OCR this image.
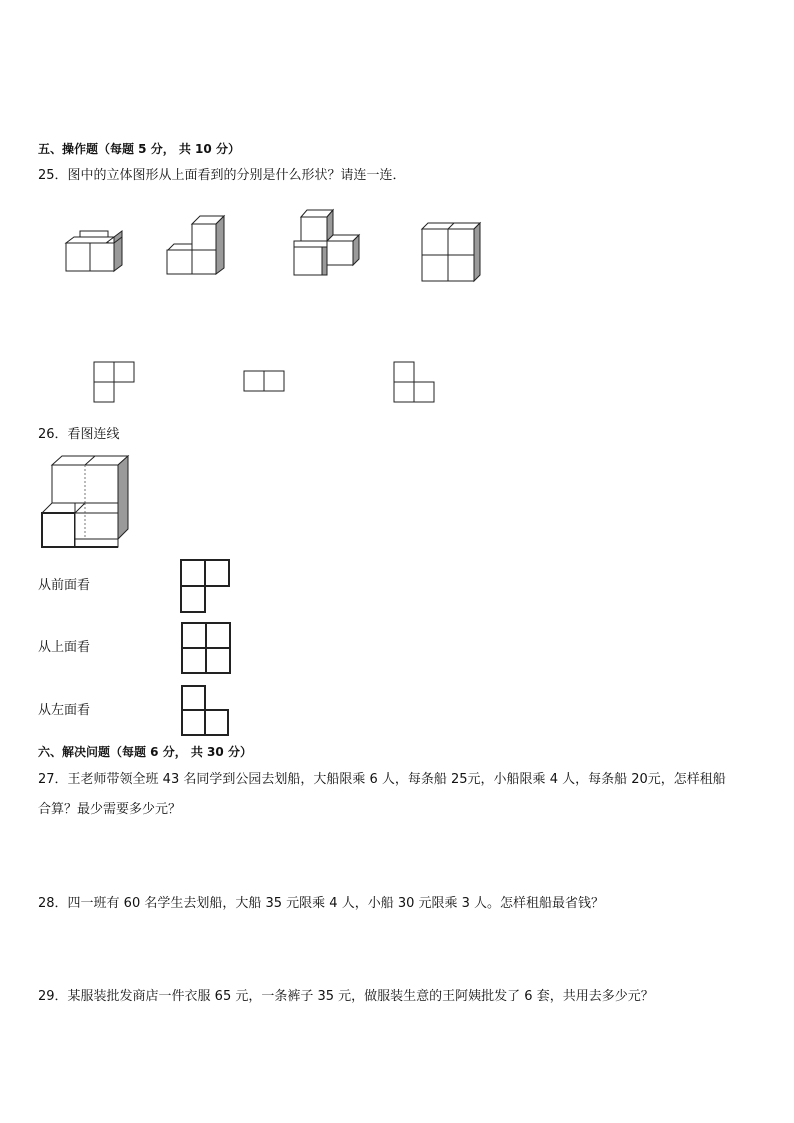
五、操作题（每题 5 分， 共 10 分）
25．图中的立体图形从上面看到的分别是什么形状？请连一连．
26．看图连线
从前面看
从上面看
从左面看
六、解决问题（每题 6 分， 共 30 分）
27．王老师带领全班 43 名同学到公园去划船，大船限乘 6 人，每条船 25元，小船限乘 4 人，每条船 20元，怎样租船
合算？最少需要多少元？
28．四一班有 60 名学生去划船，大船 35 元限乘 4 人，小船 30 元限乘 3 人。怎样租船最省钱？
29．某服装批发商店一件衣服 65 元，一条裤子 35 元，做服装生意的王阿姨批发了 6 套，共用去多少元？
